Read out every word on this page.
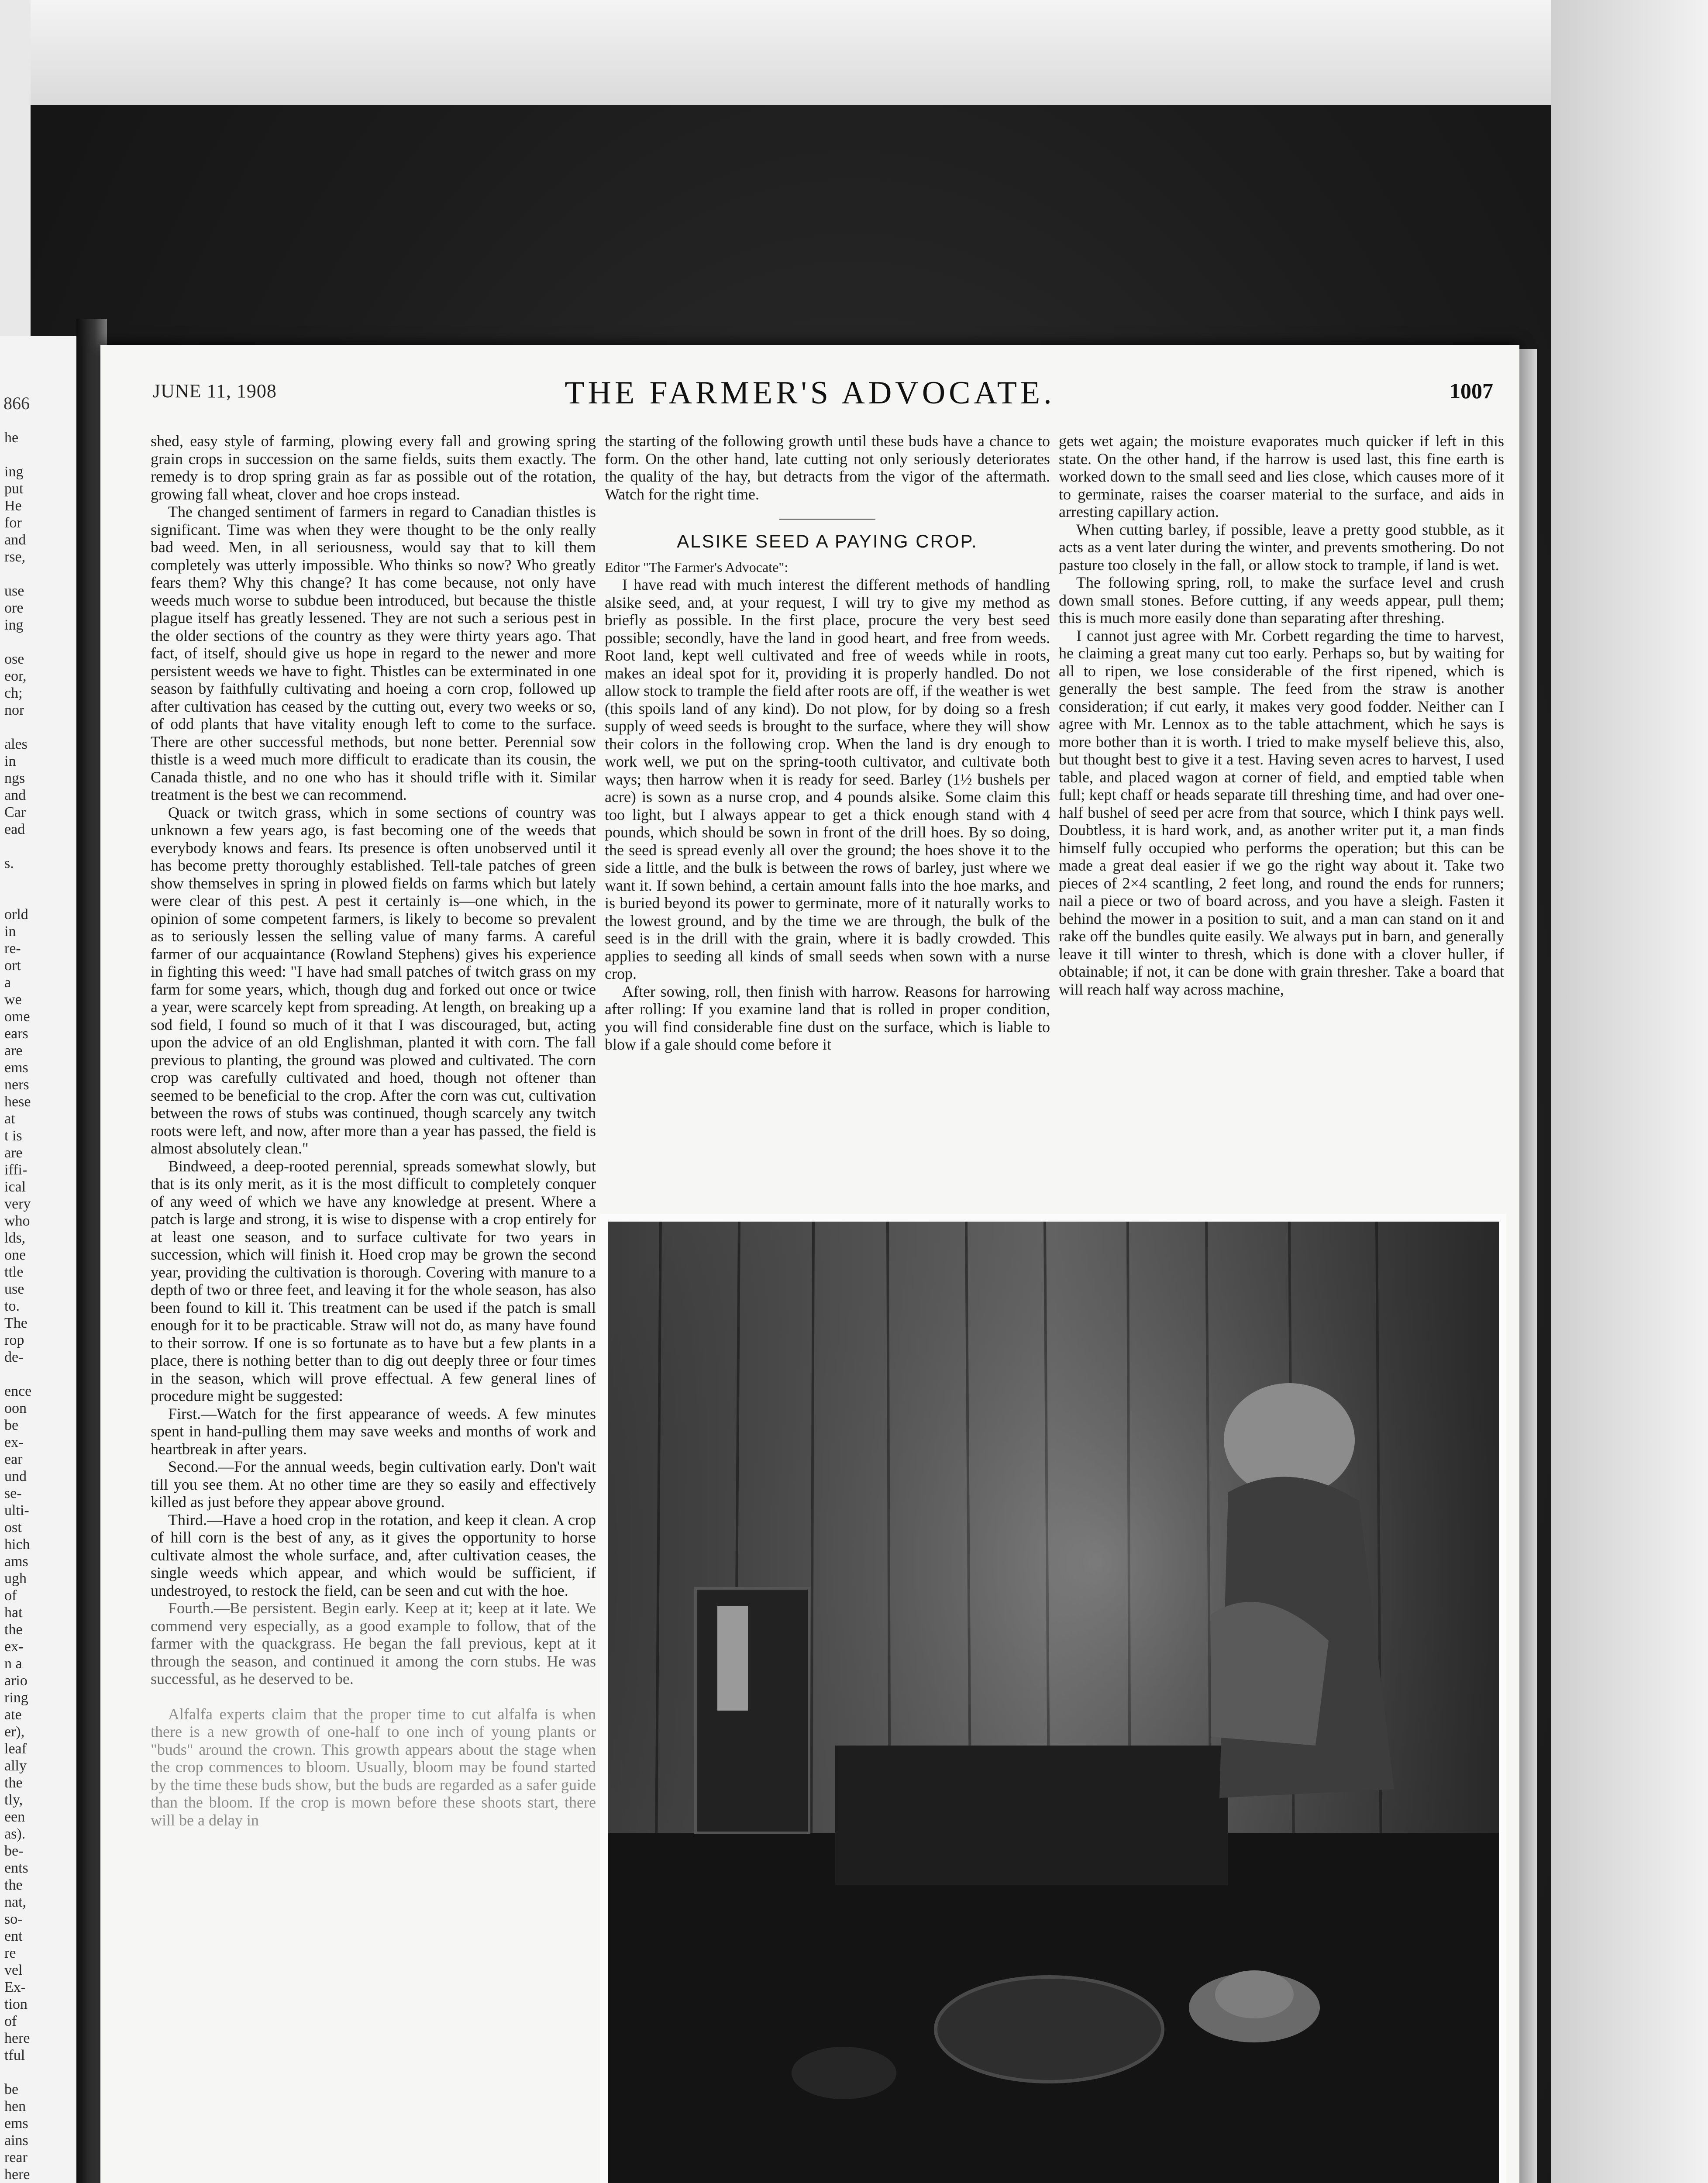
866
he
ing
put
He
for
and
rse,
use
ore
ing
ose
eor,
ch;
nor
ales
in
ngs
and
Car
ead
s.
orld
in
re-
ort
a
we
ome
ears
are
ems
ners
hese
at
t is
are
iffi-
ical
very
who
lds,
one
ttle
use
to.
The
rop
de-
ence
oon
be
ex-
ear
und
se-
ulti-
ost
hich
ams
ugh
of
hat
the
ex-
n a
ario
ring
ate
er),
leaf
ally
the
tly,
een
as).
be-
ents
the
nat,
so-
ent
re
vel
Ex-
tion
of
here
tful
be
hen
ems
ains
rear
here
JUNE 11, 1908	THE FARMER'S ADVOCATE.	1007

shed, easy style of farming, plowing every fall and growing spring grain crops in succession on the same fields, suits them exactly. The remedy is to drop spring grain as far as possible out of the rotation, growing fall wheat, clover and hoe crops instead.

The changed sentiment of farmers in regard to Canadian thistles is significant. Time was when they were thought to be the only really bad weed. Men, in all seriousness, would say that to kill them completely was utterly impossible. Who thinks so now? Who greatly fears them? Why this change? It has come because, not only have weeds much worse to subdue been introduced, but because the thistle plague itself has greatly lessened. They are not such a serious pest in the older sections of the country as they were thirty years ago. That fact, of itself, should give us hope in regard to the newer and more persistent weeds we have to fight. Thistles can be exterminated in one season by faithfully cultivating and hoeing a corn crop, followed up after cultivation has ceased by the cutting out, every two weeks or so, of odd plants that have vitality enough left to come to the surface. There are other successful methods, but none better. Perennial sow thistle is a weed much more difficult to eradicate than its cousin, the Canada thistle, and no one who has it should trifle with it. Similar treatment is the best we can recommend.

Quack or twitch grass, which in some sections of country was unknown a few years ago, is fast becoming one of the weeds that everybody knows and fears. Its presence is often unobserved until it has become pretty thoroughly established. Tell-tale patches of green show themselves in spring in plowed fields on farms which but lately were clear of this pest. A pest it certainly is—one which, in the opinion of some competent farmers, is likely to become so prevalent as to seriously lessen the selling value of many farms. A careful farmer of our acquaintance (Rowland Stephens) gives his experience in fighting this weed: "I have had small patches of twitch grass on my farm for some years, which, though dug and forked out once or twice a year, were scarcely kept from spreading. At length, on breaking up a sod field, I found so much of it that I was discouraged, but, acting upon the advice of an old Englishman, planted it with corn. The fall previous to planting, the ground was plowed and cultivated. The corn crop was carefully cultivated and hoed, though not oftener than seemed to be beneficial to the crop. After the corn was cut, cultivation between the rows of stubs was continued, though scarcely any twitch roots were left, and now, after more than a year has passed, the field is almost absolutely clean."

Bindweed, a deep-rooted perennial, spreads somewhat slowly, but that is its only merit, as it is the most difficult to completely conquer of any weed of which we have any knowledge at present. Where a patch is large and strong, it is wise to dispense with a crop entirely for at least one season, and to surface cultivate for two years in succession, which will finish it. Hoed crop may be grown the second year, providing the cultivation is thorough. Covering with manure to a depth of two or three feet, and leaving it for the whole season, has also been found to kill it. This treatment can be used if the patch is small enough for it to be practicable. Straw will not do, as many have found to their sorrow. If one is so fortunate as to have but a few plants in a place, there is nothing better than to dig out deeply three or four times in the season, which will prove effectual. A few general lines of procedure might be suggested:

First.—Watch for the first appearance of weeds. A few minutes spent in hand-pulling them may save weeks and months of work and heartbreak in after years.

Second.—For the annual weeds, begin cultivation early. Don't wait till you see them. At no other time are they so easily and effectively killed as just before they appear above ground.

Third.—Have a hoed crop in the rotation, and keep it clean. A crop of hill corn is the best of any, as it gives the opportunity to horse cultivate almost the whole surface, and, after cultivation ceases, the single weeds which appear, and which would be sufficient, if undestroyed, to restock the field, can be seen and cut with the hoe.

Fourth.—Be persistent. Begin early. Keep at it; keep at it late. We commend very especially, as a good example to follow, that of the farmer with the quackgrass. He began the fall previous, kept at it through the season, and continued it among the corn stubs. He was successful, as he deserved to be.

Alfalfa experts claim that the proper time to cut alfalfa is when there is a new growth of one-half to one inch of young plants or "buds" around the crown. This growth appears about the stage when the crop commences to bloom. Usually, bloom may be found started by the time these buds show, but the buds are regarded as a safer guide than the bloom. If the crop is mown before these shoots start, there will be a delay in

the starting of the following growth until these buds have a chance to form. On the other hand, late cutting not only seriously deteriorates the quality of the hay, but detracts from the vigor of the aftermath. Watch for the right time.

ALSIKE SEED A PAYING CROP.

Editor "The Farmer's Advocate":

I have read with much interest the different methods of handling alsike seed, and, at your request, I will try to give my method as briefly as possible. In the first place, procure the very best seed possible; secondly, have the land in good heart, and free from weeds. Root land, kept well cultivated and free of weeds while in roots, makes an ideal spot for it, providing it is properly handled. Do not allow stock to trample the field after roots are off, if the weather is wet (this spoils land of any kind). Do not plow, for by doing so a fresh supply of weed seeds is brought to the surface, where they will show their colors in the following crop. When the land is dry enough to work well, we put on the spring-tooth cultivator, and cultivate both ways; then harrow when it is ready for seed. Barley (1½ bushels per acre) is sown as a nurse crop, and 4 pounds alsike. Some claim this too light, but I always appear to get a thick enough stand with 4 pounds, which should be sown in front of the drill hoes. By so doing, the seed is spread evenly all over the ground; the hoes shove it to the side a little, and the bulk is between the rows of barley, just where we want it. If sown behind, a certain amount falls into the hoe marks, and is buried beyond its power to germinate, more of it naturally works to the lowest ground, and by the time we are through, the bulk of the seed is in the drill with the grain, where it is badly crowded. This applies to seeding all kinds of small seeds when sown with a nurse crop.

After sowing, roll, then finish with harrow. Reasons for harrowing after rolling: If you examine land that is rolled in proper condition, you will find considerable fine dust on the surface, which is liable to blow if a gale should come before it

gets wet again; the moisture evaporates much quicker if left in this state. On the other hand, if the harrow is used last, this fine earth is worked down to the small seed and lies close, which causes more of it to germinate, raises the coarser material to the surface, and aids in arresting capillary action.

When cutting barley, if possible, leave a pretty good stubble, as it acts as a vent later during the winter, and prevents smothering. Do not pasture too closely in the fall, or allow stock to trample, if land is wet.

The following spring, roll, to make the surface level and crush down small stones. Before cutting, if any weeds appear, pull them; this is much more easily done than separating after threshing.

I cannot just agree with Mr. Corbett regarding the time to harvest, he claiming a great many cut too early. Perhaps so, but by waiting for all to ripen, we lose considerable of the first ripened, which is generally the best sample. The feed from the straw is another consideration; if cut early, it makes very good fodder. Neither can I agree with Mr. Lennox as to the table attachment, which he says is more bother than it is worth. I tried to make myself believe this, also, but thought best to give it a test. Having seven acres to harvest, I used table, and placed wagon at corner of field, and emptied table when full; kept chaff or heads separate till threshing time, and had over one-half bushel of seed per acre from that source, which I think pays well. Doubtless, it is hard work, and, as another writer put it, a man finds himself fully occupied who performs the operation; but this can be made a great deal easier if we go the right way about it. Take two pieces of 2×4 scantling, 2 feet long, and round the ends for runners; nail a piece or two of board across, and you have a sleigh. Fasten it behind the mower in a position to suit, and a man can stand on it and rake off the bundles quite easily. We always put in barn, and generally leave it till winter to thresh, which is done with a clover huller, if obtainable; if not, it can be done with grain thresher. Take a board that will reach half way across machine,
